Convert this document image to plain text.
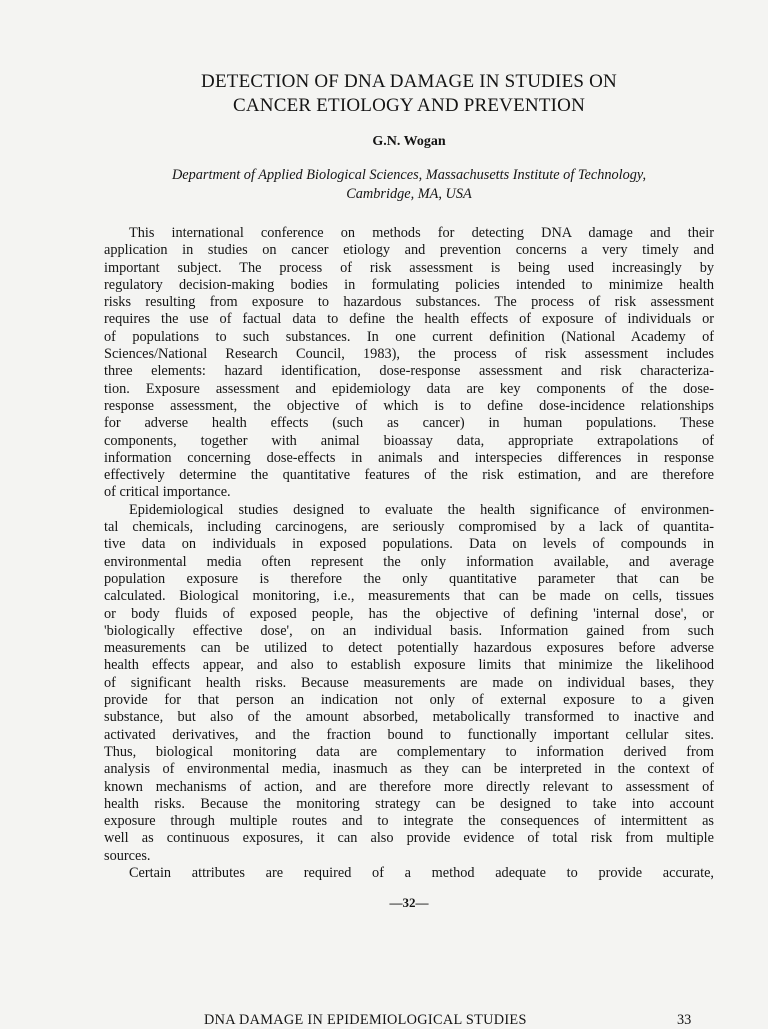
DETECTION OF DNA DAMAGE IN STUDIES ON
CANCER ETIOLOGY AND PREVENTION
G.N. Wogan
Department of Applied Biological Sciences, Massachusetts Institute of Technology,
Cambridge, MA, USA
This international conference on methods for detecting DNA damage and their
application in studies on cancer etiology and prevention concerns a very timely and
important subject. The process of risk assessment is being used increasingly by
regulatory decision-making bodies in formulating policies intended to minimize health
risks resulting from exposure to hazardous substances. The process of risk assessment
requires the use of factual data to define the health effects of exposure of individuals or
of populations to such substances. In one current definition (National Academy of
Sciences/National Research Council, 1983), the process of risk assessment includes
three elements: hazard identification, dose-response assessment and risk characteriza-
tion. Exposure assessment and epidemiology data are key components of the dose-
response assessment, the objective of which is to define dose-incidence relationships
for adverse health effects (such as cancer) in human populations. These
components, together with animal bioassay data, appropriate extrapolations of
information concerning dose-effects in animals and interspecies differences in response
effectively determine the quantitative features of the risk estimation, and are therefore
of critical importance.
Epidemiological studies designed to evaluate the health significance of environmen-
tal chemicals, including carcinogens, are seriously compromised by a lack of quantita-
tive data on individuals in exposed populations. Data on levels of compounds in
environmental media often represent the only information available, and average
population exposure is therefore the only quantitative parameter that can be
calculated. Biological monitoring, i.e., measurements that can be made on cells, tissues
or body fluids of exposed people, has the objective of defining 'internal dose', or
'biologically effective dose', on an individual basis. Information gained from such
measurements can be utilized to detect potentially hazardous exposures before adverse
health effects appear, and also to establish exposure limits that minimize the likelihood
of significant health risks. Because measurements are made on individual bases, they
provide for that person an indication not only of external exposure to a given
substance, but also of the amount absorbed, metabolically transformed to inactive and
activated derivatives, and the fraction bound to functionally important cellular sites.
Thus, biological monitoring data are complementary to information derived from
analysis of environmental media, inasmuch as they can be interpreted in the context of
known mechanisms of action, and are therefore more directly relevant to assessment of
health risks. Because the monitoring strategy can be designed to take into account
exposure through multiple routes and to integrate the consequences of intermittent as
well as continuous exposures, it can also provide evidence of total risk from multiple
sources.
Certain attributes are required of a method adequate to provide accurate,
—32—
DNA DAMAGE IN EPIDEMIOLOGICAL STUDIES	33
